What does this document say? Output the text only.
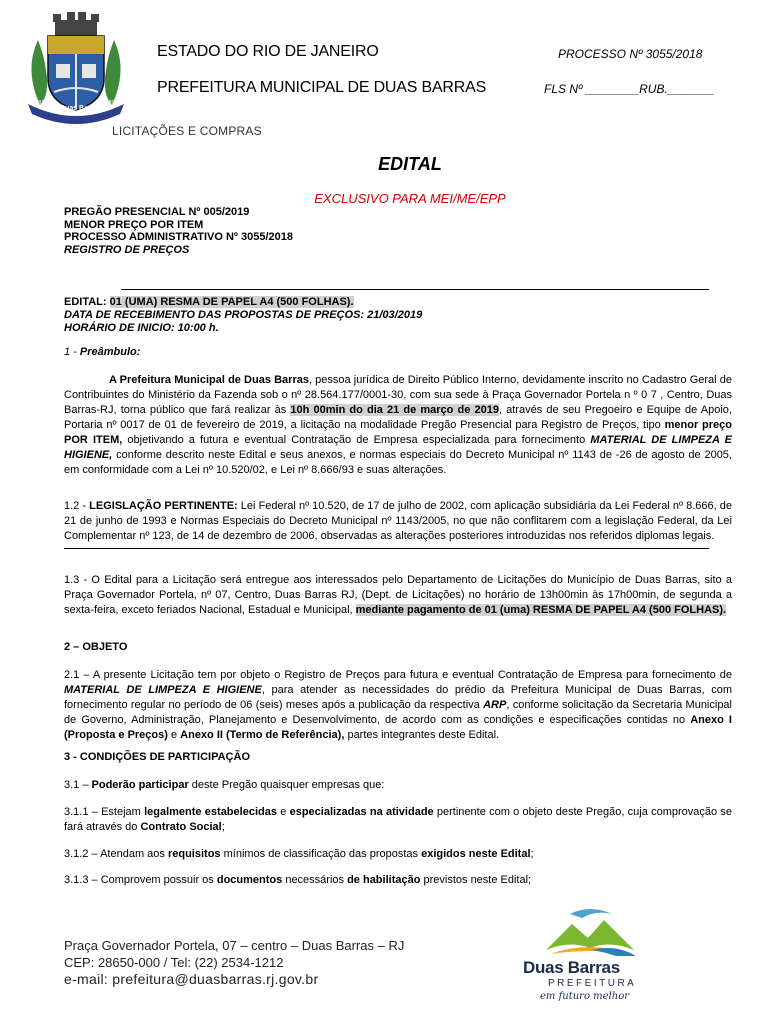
Duas Barras
1891	1891
ESTADO DO RIO DE JANEIRO
PREFEITURA MUNICIPAL DE DUAS BARRAS
PROCESSO Nº 3055/2018
FLS Nº ________RUB._______
LICITAÇÕES E COMPRAS
EDITAL
EXCLUSIVO PARA MEI/ME/EPP
PREGÃO PRESENCIAL Nº 005/2019
MENOR PREÇO POR ITEM
PROCESSO ADMINISTRATIVO Nº 3055/2018
REGISTRO DE PREÇOS
EDITAL: 01 (UMA) RESMA DE PAPEL A4 (500 FOLHAS).
DATA DE RECEBIMENTO DAS PROPOSTAS DE PREÇOS: 21/03/2019
HORÁRIO DE INICIO: 10:00 h.
1 - Preâmbulo:
A Prefeitura Municipal de Duas Barras, pessoa jurídica de Direito Público Interno, devidamente inscrito no Cadastro Geral de Contribuintes do Ministério da Fazenda sob o nº 28.564.177/0001-30, com sua sede à Praça Governador Portela n º 0 7 , Centro, Duas Barras-RJ, torna público que fará realizar às 10h 00min do dia 21 de março de 2019, através de seu Pregoeiro e Equipe de Apoio, Portaria nº 0017 de 01 de fevereiro de 2019, a licitação na modalidade Pregão Presencial para Registro de Preços, tipo menor preço POR ITEM, objetivando a futura e eventual Contratação de Empresa especializada para fornecimento MATERIAL DE LIMPEZA E HIGIENE, conforme descrito neste Edital e seus anexos, e normas especiais do Decreto Municipal nº 1143 de -26 de agosto de 2005, em conformidade com a Lei nº 10.520/02, e Lei nº 8.666/93 e suas alterações.
1.2 - LEGISLAÇÃO PERTINENTE: Lei Federal nº 10.520, de 17 de julho de 2002, com aplicação subsidiária da Lei Federal nº 8.666, de 21 de junho de 1993 e Normas Especiais do Decreto Municipal nº 1143/2005, no que não conflitarem com a legislação Federal, da Lei Complementar nº 123, de 14 de dezembro de 2006, observadas as alterações posteriores introduzidas nos referidos diplomas legais.
1.3 - O Edital para a Licitação será entregue aos interessados pelo Departamento de Licitações do Município de Duas Barras, sito a Praça Governador Portela, nº 07, Centro, Duas Barras RJ, (Dept. de Licitações) no horário de 13h00min às 17h00min, de segunda a sexta-feira, exceto feriados Nacional, Estadual e Municipal, mediante pagamento de 01 (uma) RESMA DE PAPEL A4 (500 FOLHAS).
2 – OBJETO
2.1 – A presente Licitação tem por objeto o Registro de Preços para futura e eventual Contratação de Empresa para fornecimento de MATERIAL DE LIMPEZA E HIGIENE, para atender as necessidades do prédio da Prefeitura Municipal de Duas Barras, com fornecimento regular no período de 06 (seis) meses após a publicação da respectiva ARP, conforme solicitação da Secretaria Municipal de Governo, Administração, Planejamento e Desenvolvimento, de acordo com as condições e especificações contidas no Anexo I (Proposta e Preços) e Anexo II (Termo de Referência), partes integrantes deste Edital.
3 - CONDIÇÕES DE PARTICIPAÇÃO
3.1 – Poderão participar deste Pregão quaisquer empresas que:
3.1.1 – Estejam legalmente estabelecidas e especializadas na atividade pertinente com o objeto deste Pregão, cuja comprovação se fará através do Contrato Social;
3.1.2 – Atendam aos requisitos mínimos de classificação das propostas exigidos neste Edital;
3.1.3 – Comprovem possuir os documentos necessários de habilitação previstos neste Edital;
Praça Governador Portela, 07 – centro – Duas Barras – RJ
CEP: 28650-000 / Tel: (22) 2534-1212
e-mail: prefeitura@duasbarras.rj.gov.br
Duas Barras
PREFEITURA
em futuro melhor
